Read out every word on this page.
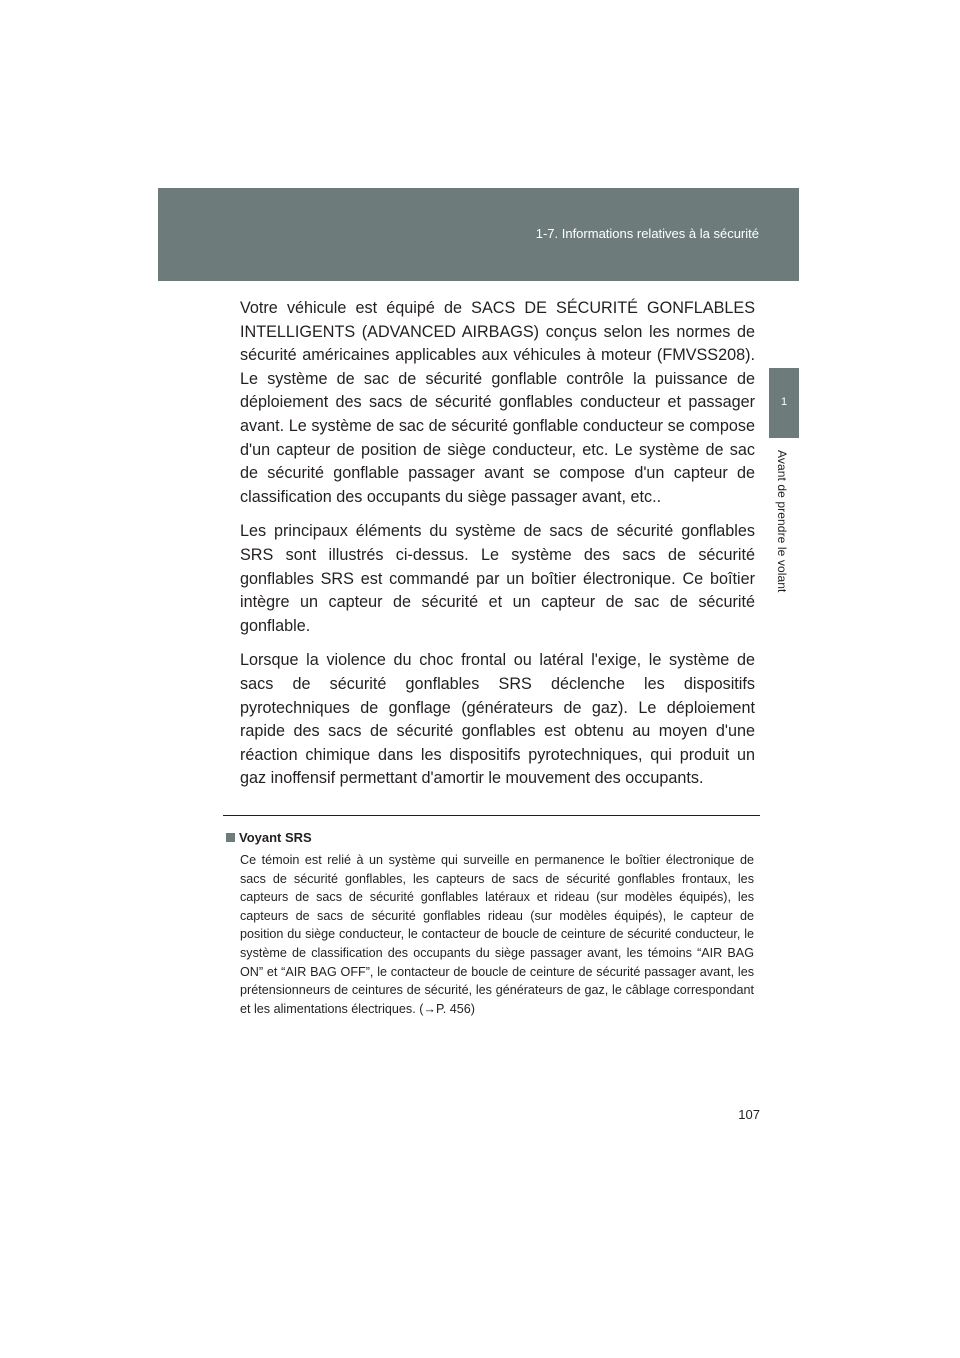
1-7. Informations relatives à la sécurité
1
Avant de prendre le volant

Votre véhicule est équipé de SACS DE SÉCURITÉ GONFLABLES INTELLIGENTS (ADVANCED AIRBAGS) conçus selon les normes de sécurité américaines applicables aux véhicules à moteur (FMVSS208). Le système de sac de sécurité gonflable contrôle la puissance de déploiement des sacs de sécurité gonflables conducteur et passager avant. Le système de sac de sécurité gonflable conducteur se compose d'un capteur de position de siège conducteur, etc. Le système de sac de sécurité gonflable passager avant se compose d'un capteur de classification des occupants du siège passager avant, etc..

Les principaux éléments du système de sacs de sécurité gonflables SRS sont illustrés ci-dessus. Le système des sacs de sécurité gonflables SRS est commandé par un boîtier électronique. Ce boîtier intègre un capteur de sécurité et un capteur de sac de sécurité gonflable.

Lorsque la violence du choc frontal ou latéral l'exige, le système de sacs de sécurité gonflables SRS déclenche les dispositifs pyrotechniques de gonflage (générateurs de gaz). Le déploiement rapide des sacs de sécurité gonflables est obtenu au moyen d'une réaction chimique dans les dispositifs pyrotechniques, qui produit un gaz inoffensif permettant d'amortir le mouvement des occupants.

Voyant SRS

Ce témoin est relié à un système qui surveille en permanence le boîtier électronique de sacs de sécurité gonflables, les capteurs de sacs de sécurité gonflables frontaux, les capteurs de sacs de sécurité gonflables latéraux et rideau (sur modèles équipés), les capteurs de sacs de sécurité gonflables rideau (sur modèles équipés), le capteur de position du siège conducteur, le contacteur de boucle de ceinture de sécurité conducteur, le système de classification des occupants du siège passager avant, les témoins “AIR BAG ON” et “AIR BAG OFF”, le contacteur de boucle de ceinture de sécurité passager avant, les prétensionneurs de ceintures de sécurité, les générateurs de gaz, le câblage correspondant et les alimentations électriques. (→P. 456)

107
